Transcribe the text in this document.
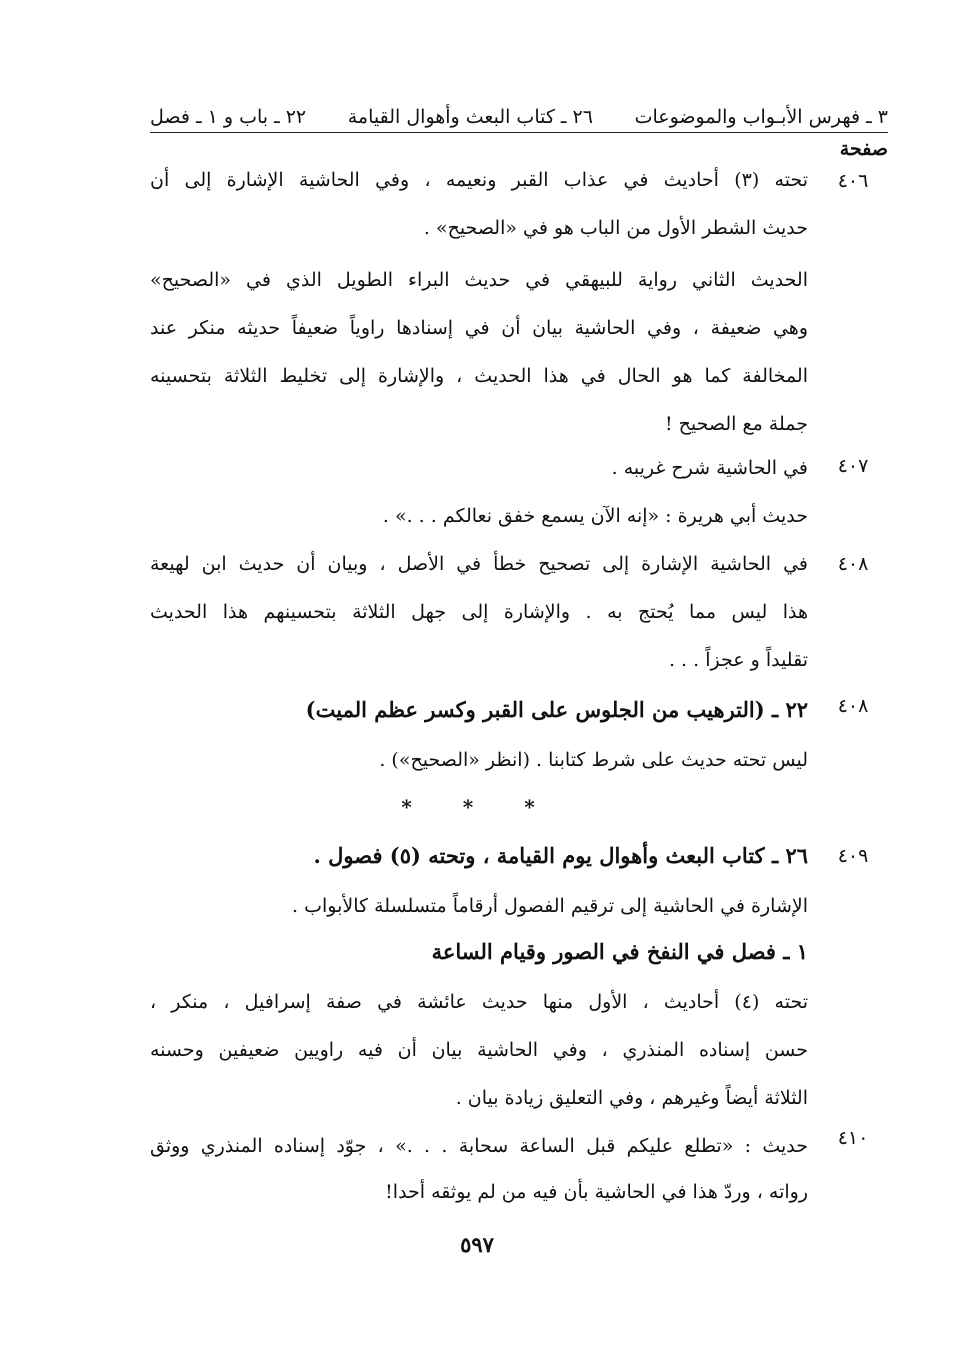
٣ ـ فهرس الأبـواب والموضوعات
٢٦ ـ كتاب البعث وأهوال القيامة
٢٢ ـ باب و ١ ـ فصل
صفحة
٤٠٦
٤٠٧
٤٠٨
٤٠٨
٤٠٩
٤١٠
تحته (٣) أحاديث في عذاب القبر ونعيمه ، وفي الحاشية الإشارة إلى أن
حديث الشطر الأول من الباب هو في «الصحيح» .
الحديث الثاني رواية للبيهقي في حديث البراء الطويل الذي في «الصحيح»
وهي ضعيفة ، وفي الحاشية بيان أن في إسنادها راوياً ضعيفاً حديثه منكر عند
المخالفة كما هو الحال في هذا الحديث ، والإشارة إلى تخليط الثلاثة بتحسينه
جملة مع الصحيح !
في الحاشية شرح غريبه .
حديث أبي هريرة : «إنه الآن يسمع خفق نعالكم . . .» .
في الحاشية الإشارة إلى تصحيح خطأ في الأصل ، وبيان أن حديث ابن لهيعة
هذا ليس مما يُحتج به . والإشارة إلى جهل الثلاثة بتحسينهم هذا الحديث
تقليداً و عجزاً . . .
٢٢ ـ (الترهيب من الجلوس على القبر وكسر عظم الميت)
ليس تحته حديث على شرط كتابنا . (انظر «الصحيح») .
* * *
٢٦ ـ كتاب البعث وأهوال يوم القيامة ، وتحته (٥) فصول .
الإشارة في الحاشية إلى ترقيم الفصول أرقاماً متسلسلة كالأبواب .
١ ـ فصل في النفخ في الصور وقيام الساعة
تحته (٤) أحاديث ، الأول منها حديث عائشة في صفة إسرافيل ، منكر ،
حسن إسناده المنذري ، وفي الحاشية بيان أن فيه راويين ضعيفين وحسنه
الثلاثة أيضاً وغيرهم ، وفي التعليق زيادة بيان .
حديث : «تطلع عليكم قبل الساعة سحابة . . .» ، جوّد إسناده المنذري ووثق
رواته ، وردّ هذا في الحاشية بأن فيه من لم يوثقه أحدا!
٥٩٧
